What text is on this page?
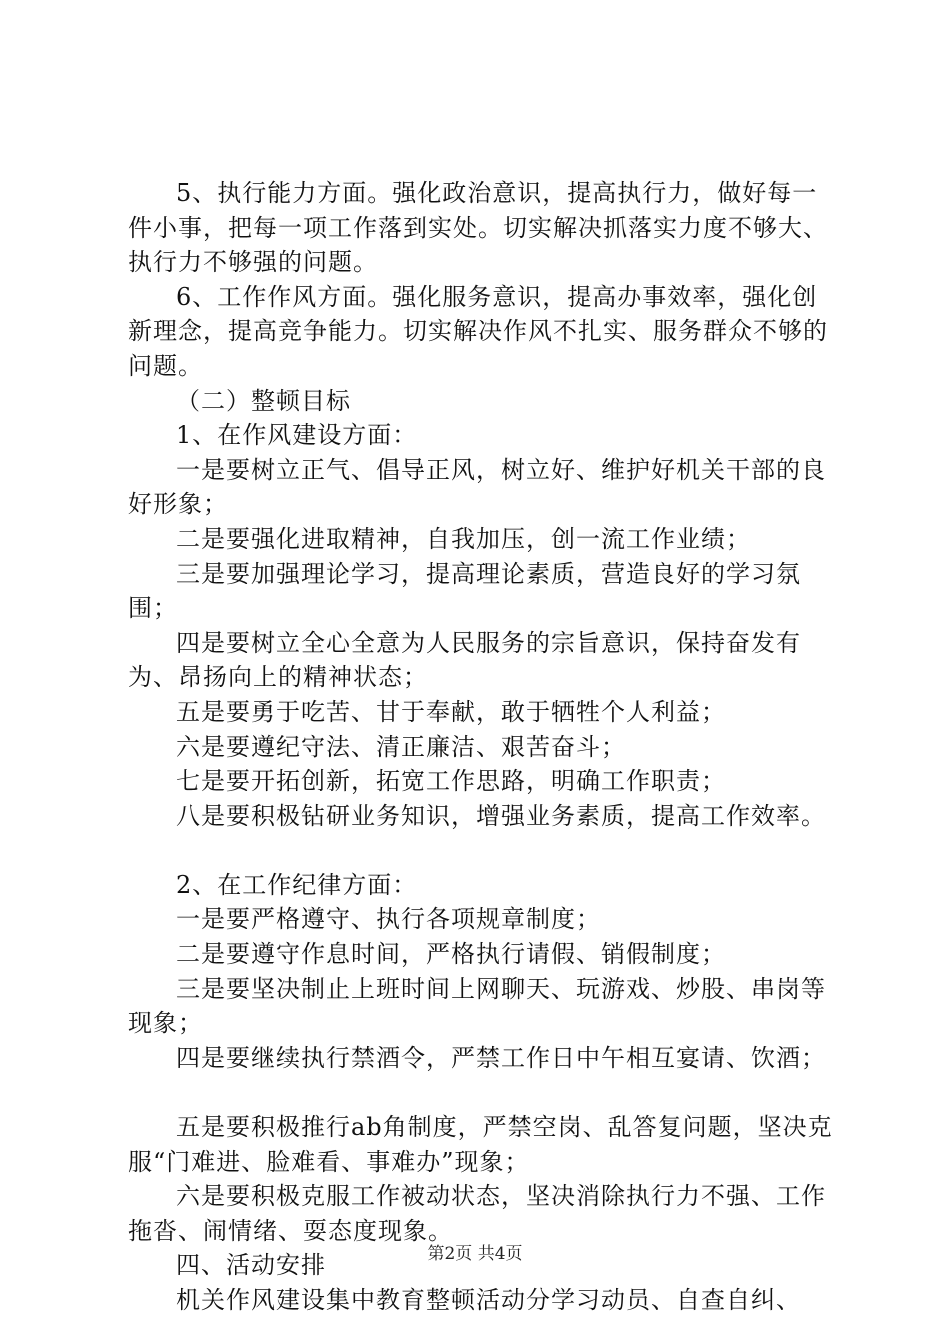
5、执行能力方面。强化政治意识，提高执行力，做好每一件小事，把每一项工作落到实处。切实解决抓落实力度不够大、执行力不够强的问题。

6、工作作风方面。强化服务意识，提高办事效率，强化创新理念，提高竞争能力。切实解决作风不扎实、服务群众不够的问题。

（二）整顿目标

1、在作风建设方面：

一是要树立正气、倡导正风，树立好、维护好机关干部的良好形象；

二是要强化进取精神，自我加压，创一流工作业绩；

三是要加强理论学习，提高理论素质，营造良好的学习氛围；

四是要树立全心全意为人民服务的宗旨意识，保持奋发有为、昂扬向上的精神状态；

五是要勇于吃苦、甘于奉献，敢于牺牲个人利益；

六是要遵纪守法、清正廉洁、艰苦奋斗；

七是要开拓创新，拓宽工作思路，明确工作职责；

八是要积极钻研业务知识，增强业务素质，提高工作效率。

2、在工作纪律方面：

一是要严格遵守、执行各项规章制度；

二是要遵守作息时间，严格执行请假、销假制度；

三是要坚决制止上班时间上网聊天、玩游戏、炒股、串岗等现象；

四是要继续执行禁酒令，严禁工作日中午相互宴请、饮酒；

五是要积极推行ab角制度，严禁空岗、乱答复问题，坚决克服“门难进、脸难看、事难办”现象；

六是要积极克服工作被动状态，坚决消除执行力不强、工作拖沓、闹情绪、耍态度现象。

四、活动安排

机关作风建设集中教育整顿活动分学习动员、自查自纠、

第2页 共4页
